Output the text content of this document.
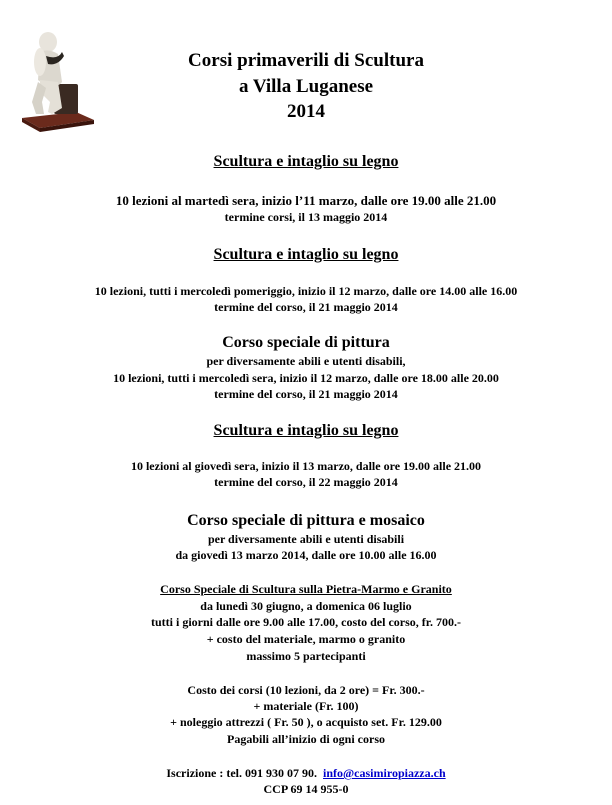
Corsi primaverili di Scultura
a Villa Luganese
2014
Scultura e intaglio su legno
10 lezioni al martedì sera, inizio l’11 marzo, dalle ore 19.00 alle 21.00
termine corsi, il 13 maggio 2014
Scultura e intaglio su legno
10 lezioni, tutti i mercoledì pomeriggio, inizio il 12 marzo, dalle ore 14.00 alle 16.00
termine del corso, il 21 maggio 2014
Corso speciale di pittura
per diversamente abili e utenti disabili,
10 lezioni, tutti i mercoledì sera, inizio il 12 marzo, dalle ore 18.00 alle 20.00
termine del corso, il 21 maggio 2014
Scultura e intaglio su legno
10 lezioni al giovedì sera, inizio il 13 marzo, dalle ore 19.00 alle 21.00
termine del corso, il 22 maggio 2014
Corso speciale di pittura e mosaico
per diversamente abili e utenti disabili
da giovedì 13 marzo 2014, dalle ore 10.00 alle 16.00
Corso Speciale di Scultura sulla Pietra-Marmo e Granito
da lunedì 30 giugno, a domenica 06 luglio
tutti i giorni dalle ore 9.00 alle 17.00, costo del corso, fr. 700.-
+ costo del materiale, marmo o granito
massimo 5 partecipanti
Costo dei corsi (10 lezioni, da 2 ore) = Fr. 300.-
+ materiale (Fr. 100)
+ noleggio attrezzi ( Fr. 50 ), o acquisto set. Fr. 129.00
Pagabili all’inizio di ogni corso
Iscrizione : tel. 091 930 07 90. info@casimiropiazza.ch
CCP 69 14 955-0
